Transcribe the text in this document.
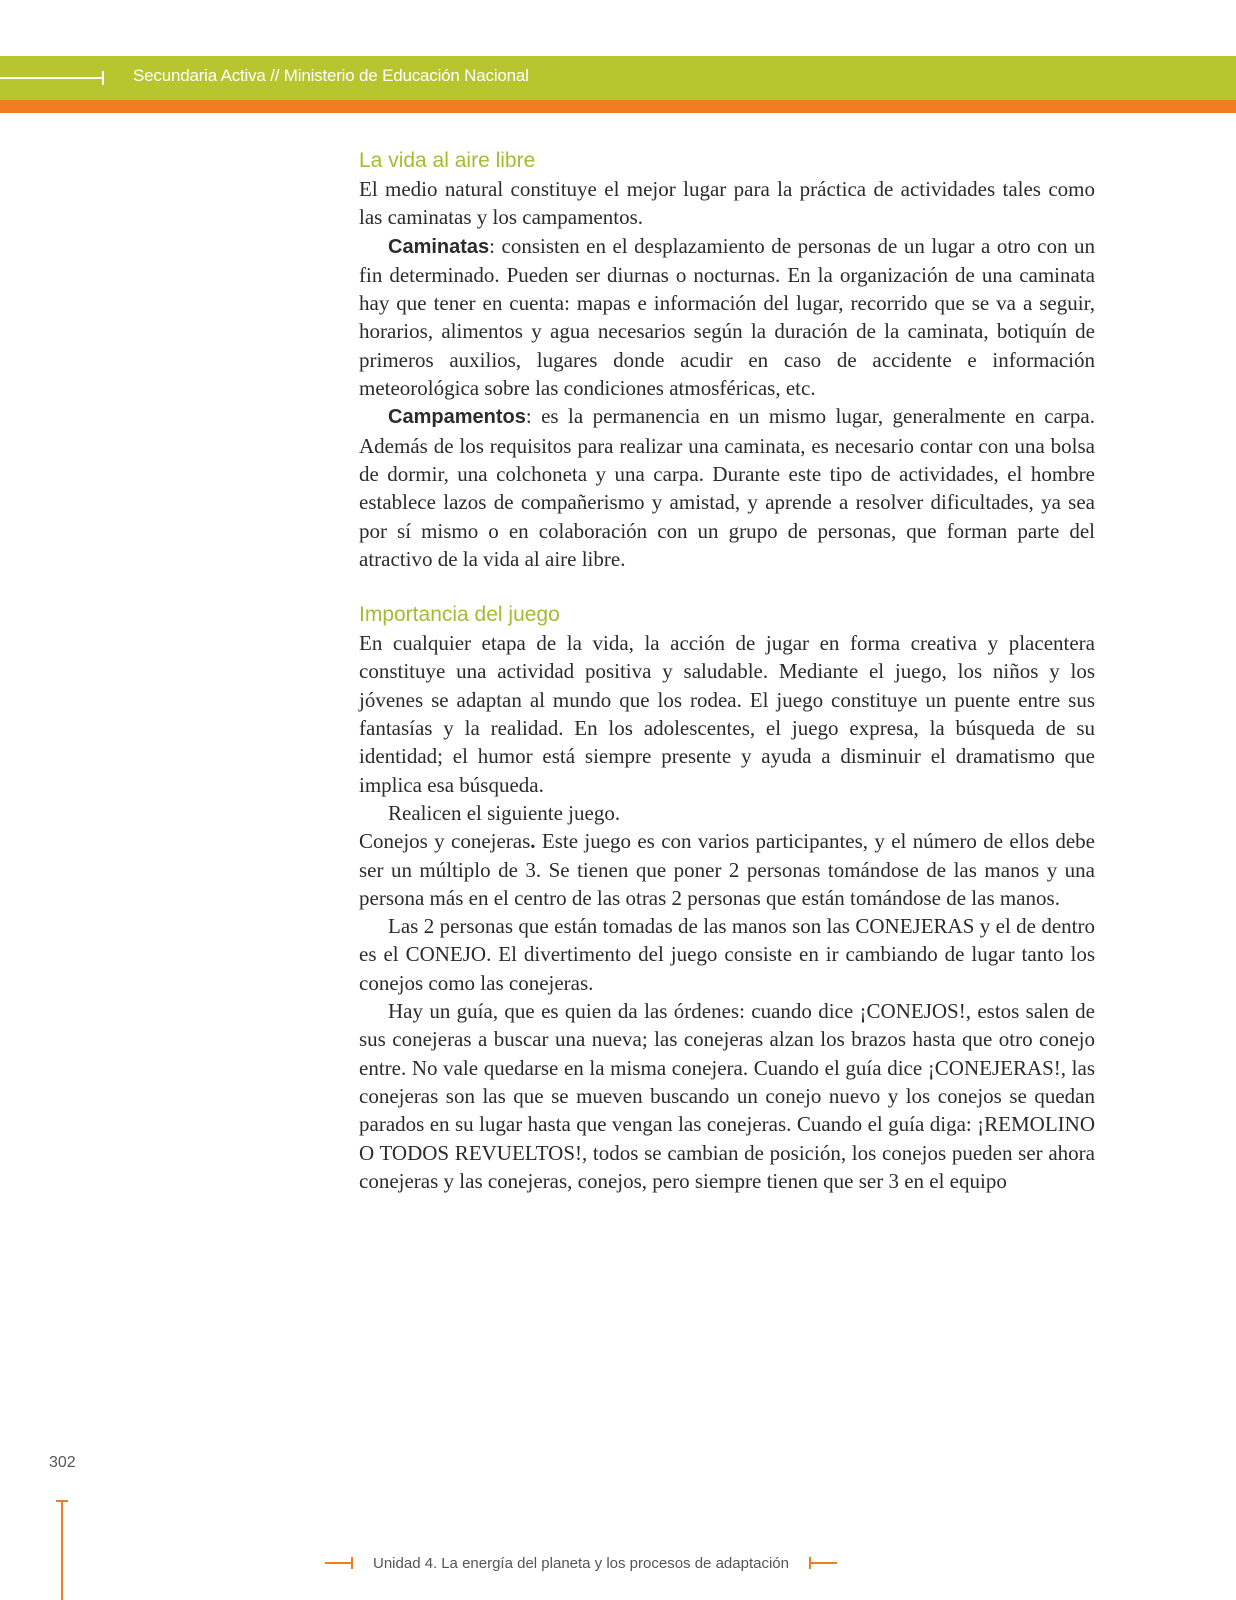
Secundaria Activa // Ministerio de Educación Nacional
La vida al aire libre

El medio natural constituye el mejor lugar para la práctica de actividades tales como las caminatas y los campamentos.

Caminatas: consisten en el desplazamiento de personas de un lugar a otro con un fin determinado. Pueden ser diurnas o nocturnas. En la organización de una caminata hay que tener en cuenta: mapas e información del lugar, recorrido que se va a seguir, horarios, alimentos y agua necesarios según la duración de la caminata, botiquín de primeros auxilios, lugares donde acudir en caso de accidente e información meteorológica sobre las condiciones atmosféricas, etc.

Campamentos: es la permanencia en un mismo lugar, generalmente en carpa. Además de los requisitos para realizar una caminata, es necesario contar con una bolsa de dormir, una colchoneta y una carpa. Durante este tipo de actividades, el hombre establece lazos de compañerismo y amistad, y aprende a resolver dificultades, ya sea por sí mismo o en colaboración con un grupo de personas, que forman parte del atractivo de la vida al aire libre.

Importancia del juego

En cualquier etapa de la vida, la acción de jugar en forma creativa y placentera constituye una actividad positiva y saludable. Mediante el juego, los niños y los jóvenes se adaptan al mundo que los rodea. El juego constituye un puente entre sus fantasías y la realidad. En los adolescentes, el juego expresa, la búsqueda de su identidad; el humor está siempre presente y ayuda a disminuir el dramatismo que implica esa búsqueda.

Realicen el siguiente juego.

Conejos y conejeras. Este juego es con varios participantes, y el número de ellos debe ser un múltiplo de 3. Se tienen que poner 2 personas tomándose de las manos y una persona más en el centro de las otras 2 personas que están tomándose de las manos.

Las 2 personas que están tomadas de las manos son las CONEJERAS y el de dentro es el CONEJO. El divertimento del juego consiste en ir cambiando de lugar tanto los conejos como las conejeras.

Hay un guía, que es quien da las órdenes: cuando dice ¡CONEJOS!, estos salen de sus conejeras a buscar una nueva; las conejeras alzan los brazos hasta que otro conejo entre. No vale quedarse en la misma conejera. Cuando el guía dice ¡CONEJERAS!, las conejeras son las que se mueven buscando un conejo nuevo y los conejos se quedan parados en su lugar hasta que vengan las conejeras. Cuando el guía diga: ¡REMOLINO O TODOS REVUELTOS!, todos se cambian de posición, los conejos pueden ser ahora conejeras y las conejeras, conejos, pero siempre tienen que ser 3 en el equipo

302
Unidad 4. La energía del planeta y los procesos de adaptación
